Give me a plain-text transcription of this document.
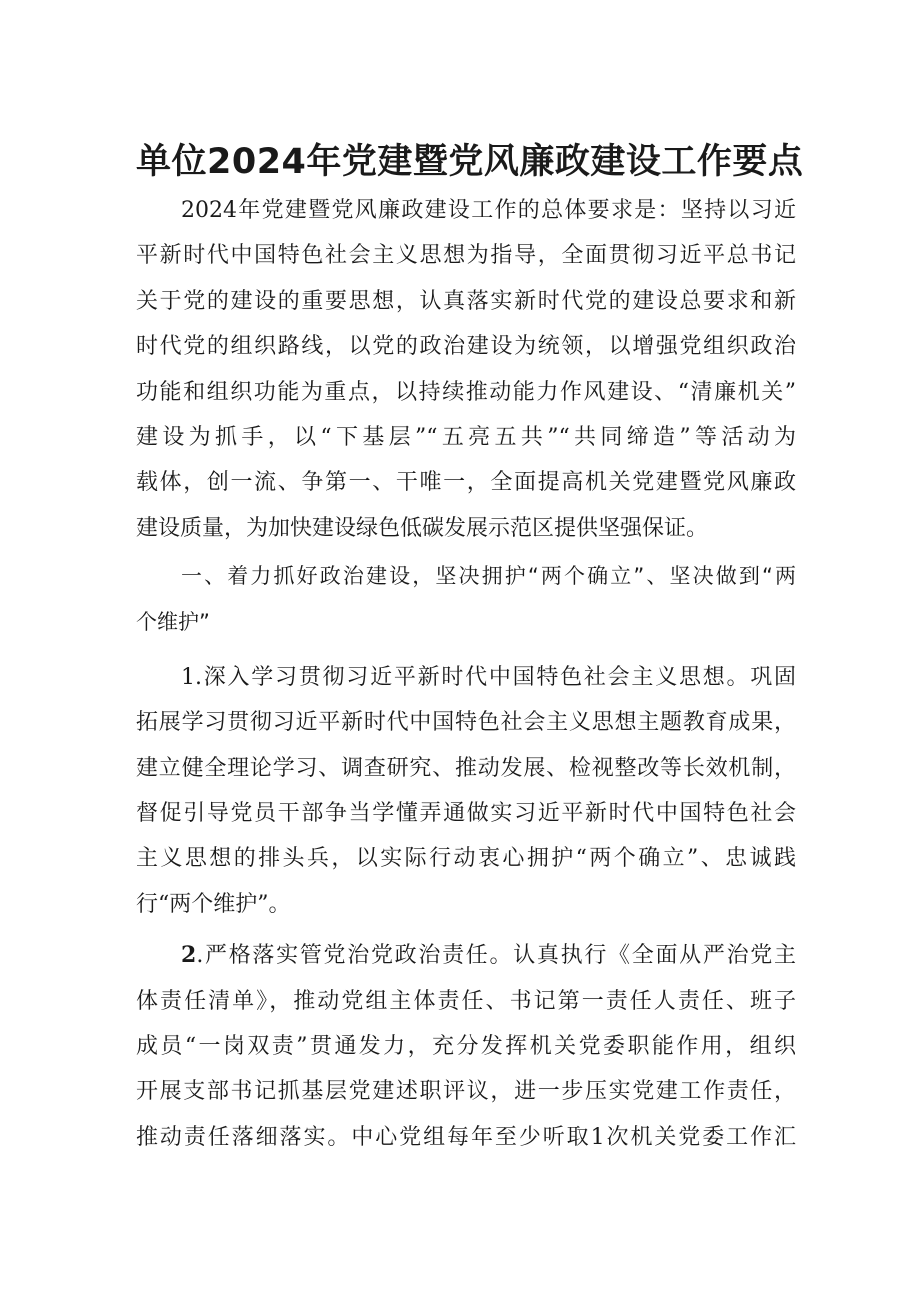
单位2024年党建暨党风廉政建设工作要点

2024年党建暨党风廉政建设工作的总体要求是：坚持以习近
平新时代中国特色社会主义思想为指导，全面贯彻习近平总书记
关于党的建设的重要思想，认真落实新时代党的建设总要求和新
时代党的组织路线，以党的政治建设为统领，以增强党组织政治
功能和组织功能为重点，以持续推动能力作风建设、“清廉机关”
建设为抓手，以“下基层”“五亮五共”“共同缔造”等活动为
载体，创一流、争第一、干唯一，全面提高机关党建暨党风廉政
建设质量，为加快建设绿色低碳发展示范区提供坚强保证。

一、着力抓好政治建设，坚决拥护“两个确立”、坚决做到“两
个维护”

1.深入学习贯彻习近平新时代中国特色社会主义思想。巩固
拓展学习贯彻习近平新时代中国特色社会主义思想主题教育成果，
建立健全理论学习、调查研究、推动发展、检视整改等长效机制，
督促引导党员干部争当学懂弄通做实习近平新时代中国特色社会
主义思想的排头兵，以实际行动衷心拥护“两个确立”、忠诚践
行“两个维护”。

2.严格落实管党治党政治责任。认真执行《全面从严治党主
体责任清单》，推动党组主体责任、书记第一责任人责任、班子
成员“一岗双责”贯通发力，充分发挥机关党委职能作用，组织
开展支部书记抓基层党建述职评议，进一步压实党建工作责任，
推动责任落细落实。中心党组每年至少听取1次机关党委工作汇
